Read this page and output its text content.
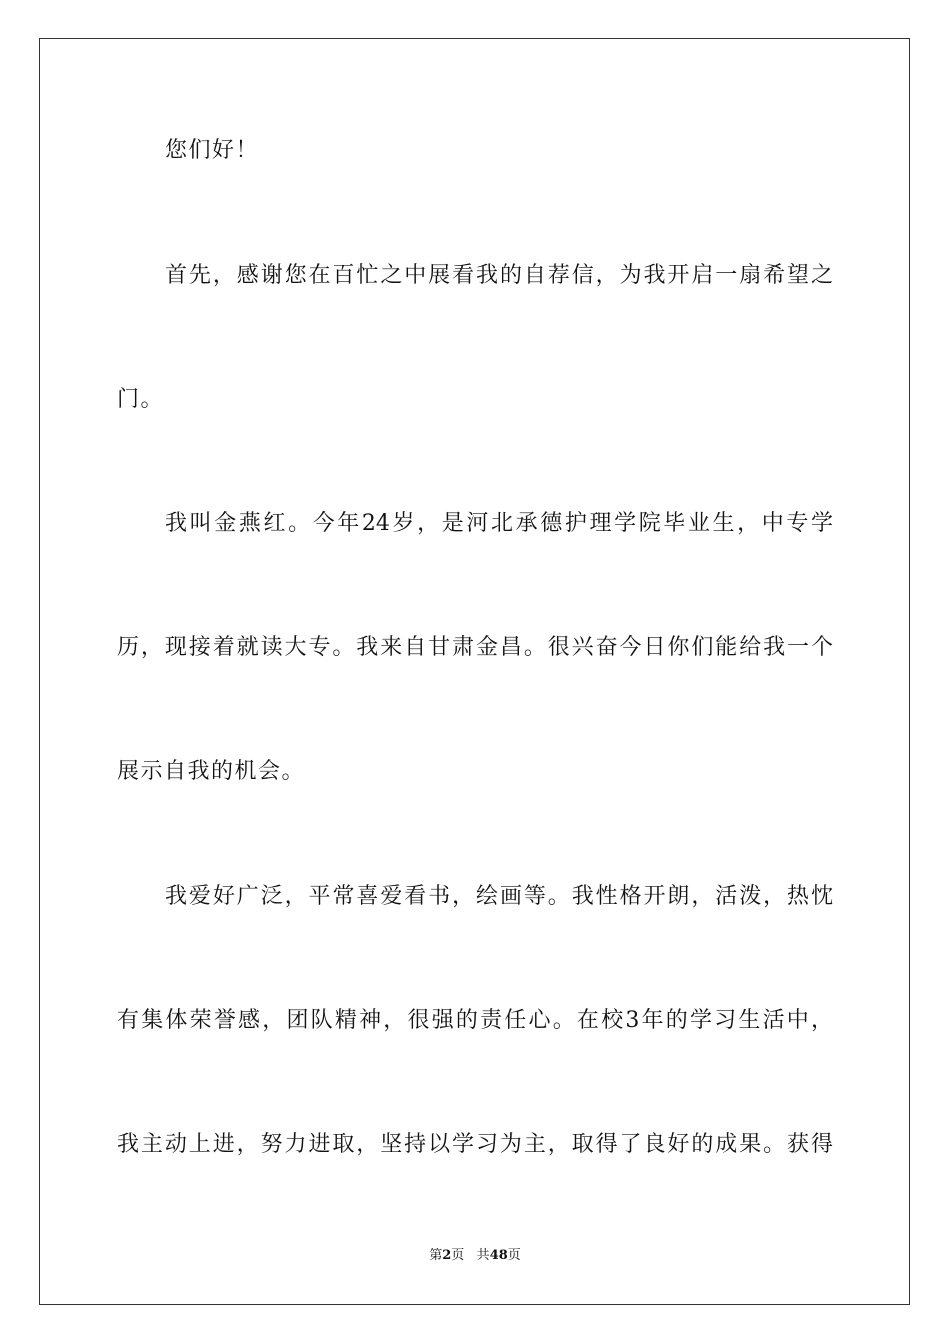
您们好！
首先，感谢您在百忙之中展看我的自荐信，为我开启一扇希望之
门。
我叫金燕红。今年24岁，是河北承德护理学院毕业生，中专学
历，现接着就读大专。我来自甘肃金昌。很兴奋今日你们能给我一个
展示自我的机会。
我爱好广泛，平常喜爱看书，绘画等。我性格开朗，活泼，热忱
有集体荣誉感，团队精神，很强的责任心。在校3年的学习生活中，
我主动上进，努力进取，坚持以学习为主，取得了良好的成果。获得
第2页 共48页
